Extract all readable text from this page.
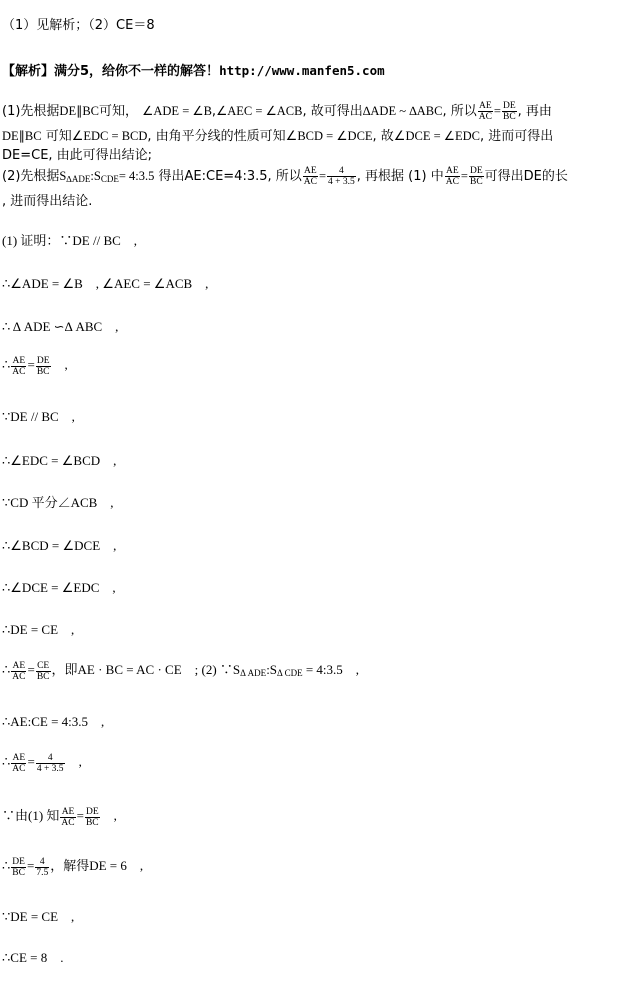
（1）见解析；（2）CE＝8
【解析】满分5，给你不一样的解答！http://www.manfen5.com
(1)先根据DE∥BC可知， ∠ADE = ∠B,∠AEC = ∠ACB, 故可得出∆ADE ~ ∆ABC, 所以 $\frac{AE}{AC} = \frac{DE}{BC}$ , 再由
DE∥BC 可知∠EDC = BCD, 由角平分线的性质可知∠BCD = ∠DCE, 故∠DCE = ∠EDC, 进而可得出
DE=CE, 由此可得出结论;
(2)先根据$S_{\Delta ADE}:S_{CDE}=$ 4:3.5 得出AE:CE=4:3.5, 所以 $\frac{AE}{AC} = \frac{4}{4 + 3.5}$ , 再根据 (1) 中 $\frac{AE}{AC} = \frac{DE}{BC}$ 可得出DE的长
, 进而得出结论.
(1) 证明：∵DE // BC　,
∴∠ADE = ∠B　, ∠AEC = ∠ACB　,
∴ Δ ADE ∽Δ ABC　,
∴ $\frac{AE}{AC} = \frac{DE}{BC}$ 　,
∵DE // BC　,
∴∠EDC = ∠BCD　,
∵CD 平分∠ACB　,
∴∠BCD = ∠DCE　,
∴∠DCE = ∠EDC　,
∴DE = CE　,
∴ $\frac{AE}{AC} = \frac{CE}{BC}$ ，即AE · BC = AC · CE　; (2) $\because S_{\Delta ADE}:S_{\Delta CDE}$ = 4:3.5　,
∴AE:CE = 4:3.5　,
∴ $\frac{AE}{AC} = \frac{4}{4 + 3.5}$ 　,
∵由(1) 知 $\frac{AE}{AC} = \frac{DE}{BC}$ 　,
∴ $\frac{DE}{BC} = \frac{4}{7.5}$ ，解得DE = 6　,
∵DE = CE　,
∴CE = 8　.
